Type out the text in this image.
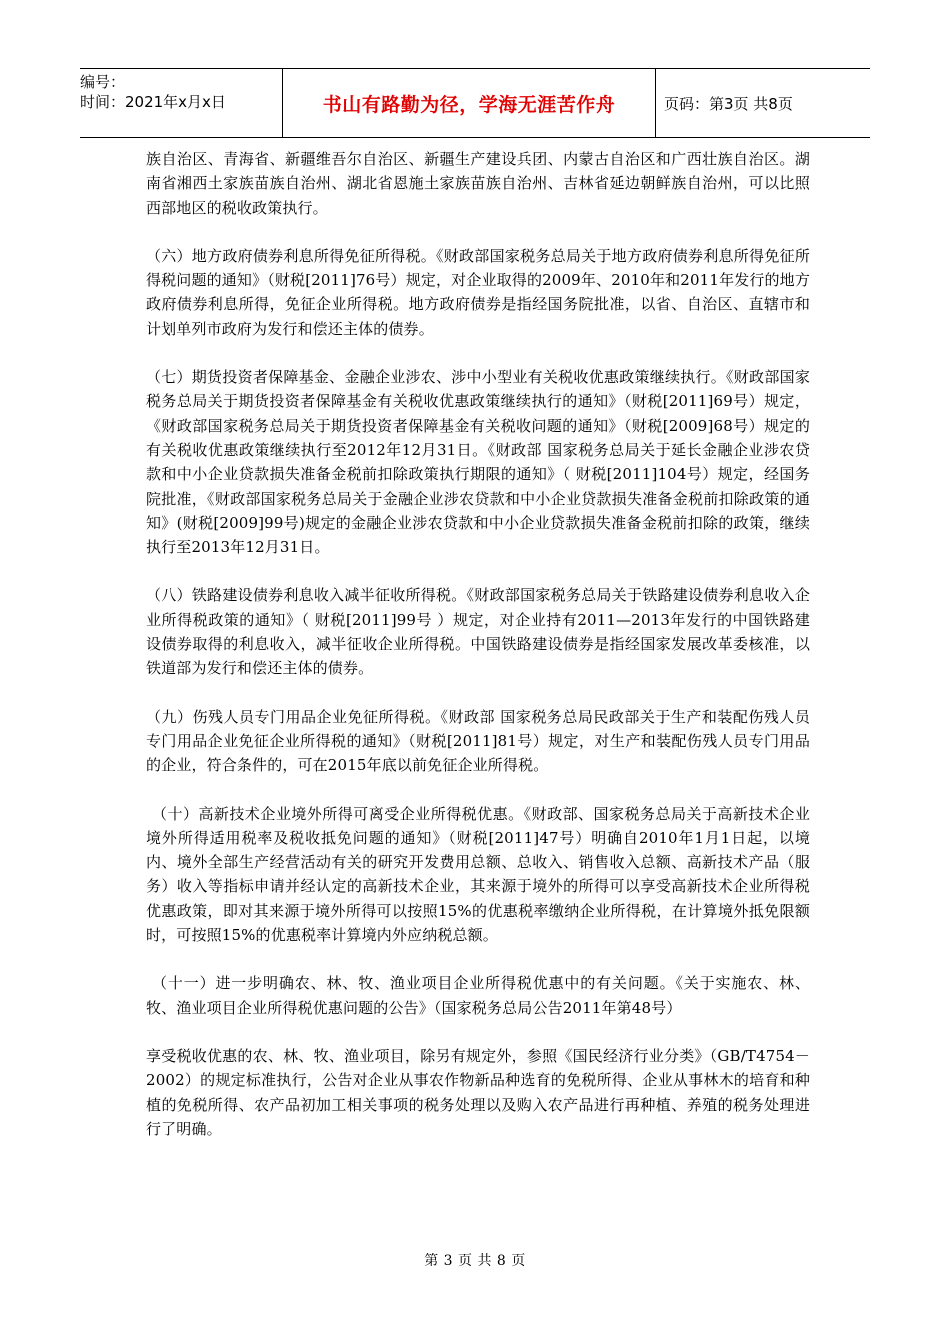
编号：
时间：2021年x月x日	书山有路勤为径，学海无涯苦作舟	页码：第3页 共8页

族自治区、青海省、新疆维吾尔自治区、新疆生产建设兵团、内蒙古自治区和广西壮族自治区。湖南省湘西土家族苗族自治州、湖北省恩施土家族苗族自治州、吉林省延边朝鲜族自治州，可以比照西部地区的税收政策执行。

（六）地方政府债券利息所得免征所得税。《财政部国家税务总局关于地方政府债券利息所得免征所得税问题的通知》（财税[2011]76号）规定，对企业取得的2009年、2010年和2011年发行的地方政府债券利息所得，免征企业所得税。地方政府债券是指经国务院批准，以省、自治区、直辖市和计划单列市政府为发行和偿还主体的债券。

（七）期货投资者保障基金、金融企业涉农、涉中小型业有关税收优惠政策继续执行。《财政部国家税务总局关于期货投资者保障基金有关税收优惠政策继续执行的通知》（财税[2011]69号）规定，《财政部国家税务总局关于期货投资者保障基金有关税收问题的通知》（财税[2009]68号）规定的有关税收优惠政策继续执行至2012年12月31日。《财政部 国家税务总局关于延长金融企业涉农贷款和中小企业贷款损失准备金税前扣除政策执行期限的通知》（ 财税[2011]104号）规定，经国务院批准，《财政部国家税务总局关于金融企业涉农贷款和中小企业贷款损失准备金税前扣除政策的通知》(财税[2009]99号)规定的金融企业涉农贷款和中小企业贷款损失准备金税前扣除的政策，继续执行至2013年12月31日。

（八）铁路建设债券利息收入减半征收所得税。《财政部国家税务总局关于铁路建设债券利息收入企业所得税政策的通知》（ 财税[2011]99号 ）规定，对企业持有2011—2013年发行的中国铁路建设债券取得的利息收入，减半征收企业所得税。中国铁路建设债券是指经国家发展改革委核准，以铁道部为发行和偿还主体的债券。

（九）伤残人员专门用品企业免征所得税。《财政部 国家税务总局民政部关于生产和装配伤残人员专门用品企业免征企业所得税的通知》（财税[2011]81号）规定，对生产和装配伤残人员专门用品的企业，符合条件的，可在2015年底以前免征企业所得税。

（十）高新技术企业境外所得可离受企业所得税优惠。《财政部、国家税务总局关于高新技术企业境外所得适用税率及税收抵免问题的通知》（财税[2011]47号）明确自2010年1月1日起，以境内、境外全部生产经营活动有关的研究开发费用总额、总收入、销售收入总额、高新技术产品（服务）收入等指标申请并经认定的高新技术企业，其来源于境外的所得可以享受高新技术企业所得税优惠政策，即对其来源于境外所得可以按照15%的优惠税率缴纳企业所得税，在计算境外抵免限额时，可按照15%的优惠税率计算境内外应纳税总额。

（十一）进一步明确农、林、牧、渔业项目企业所得税优惠中的有关问题。《关于实施农、林、牧、渔业项目企业所得税优惠问题的公告》（国家税务总局公告2011年第48号）

享受税收优惠的农、林、牧、渔业项目，除另有规定外，参照《国民经济行业分类》（GB/T4754－2002）的规定标准执行，公告对企业从事农作物新品种选育的免税所得、企业从事林木的培育和种植的免税所得、农产品初加工相关事项的税务处理以及购入农产品进行再种植、养殖的税务处理进行了明确。

第 3 页 共 8 页
